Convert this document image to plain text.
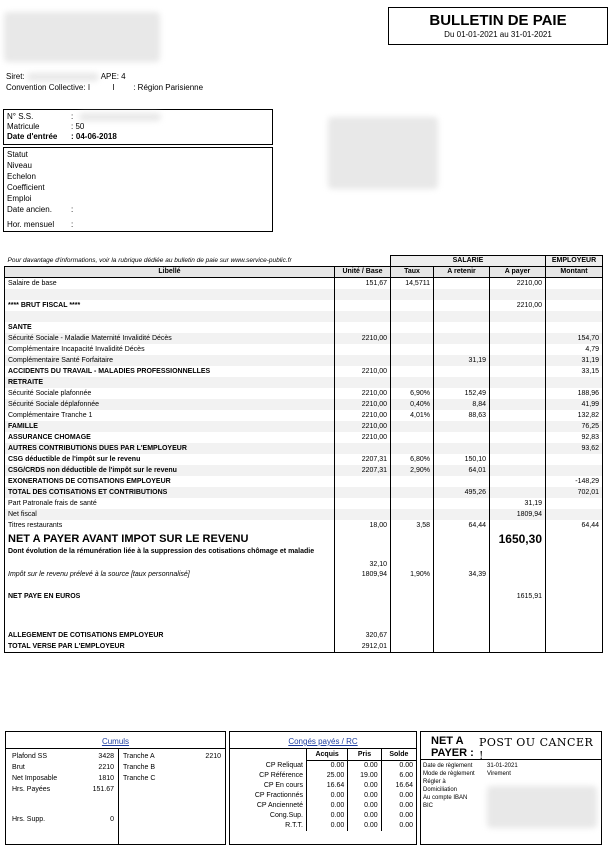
BULLETIN DE PAIE
Du 01-01-2021 au 31-01-2021
Siret:	APE: 4
Convention Collective: I	I : Région Parisienne
N° S.S.	:
Matricule	: 50
Date d'entrée : 04-06-2018
Statut
Niveau
Echelon
Coefficient
Emploi
Date ancien. :
Hor. mensuel :
Pour davantage d'informations, voir la rubrique dédiée au bulletin de paie sur www.service-public.fr		SALARIE			EMPLOYEUR
Libellé	Unité / Base	Taux	A retenir	A payer	Montant
Salaire de base	151,67	14,5711		2210,00	

**** BRUT FISCAL ****				2210,00	

SANTE					
Sécurité Sociale - Maladie Maternité Invalidité Décès	2210,00				154,70
Complémentaire Incapacité Invalidité Décès					4,79
Complémentaire Santé Forfaitaire			31,19		31,19
ACCIDENTS DU TRAVAIL - MALADIES PROFESSIONNELLES	2210,00				33,15
RETRAITE					
Sécurité Sociale plafonnée	2210,00	6,90%	152,49		188,96
Sécurité Sociale déplafonnée	2210,00	0,40%	8,84		41,99
Complémentaire Tranche 1	2210,00	4,01%	88,63		132,82
FAMILLE	2210,00				76,25
ASSURANCE CHOMAGE	2210,00				92,83
AUTRES CONTRIBUTIONS DUES PAR L'EMPLOYEUR					93,62
CSG déductible de l'impôt sur le revenu	2207,31	6,80%	150,10		
CSG/CRDS non déductible de l'impôt sur le revenu	2207,31	2,90%	64,01		
EXONERATIONS DE COTISATIONS EMPLOYEUR					-148,29
TOTAL DES COTISATIONS ET CONTRIBUTIONS			495,26		702,01
Part Patronale frais de santé				31,19	
Net fiscal				1809,94	
Titres restaurants	18,00	3,58	64,44		64,44
NET A PAYER AVANT IMPOT SUR LE REVENU				1650,30	
Dont évolution de la rémunération liée à la suppression des cotisations chômage et maladie	32,10				
Impôt sur le revenu prélevé à la source [taux personnalisé]	1809,94	1,90%	34,39		

NET PAYE EN EUROS				1615,91	

ALLEGEMENT DE COTISATIONS EMPLOYEUR	320,67				
TOTAL VERSE PAR L'EMPLOYEUR	2912,01				
Cumuls
Plafond SS	3428
Brut	2210
Net Imposable	1810
Hrs. Payées	151.67
Hrs. Supp.	0
Tranche A	2210
Tranche B	
Tranche C	
Congés payés / RC
	Acquis	Pris	Solde
CP Reliquat	0.00	0.00	0.00
CP Référence	25.00	19.00	6.00
CP En cours	16.64	0.00	16.64
CP Fractionnés	0.00	0.00	0.00
CP Ancienneté	0.00	0.00	0.00
Cong.Sup.	0.00	0.00	0.00
R.T.T.	0.00	0.00	0.00
NET A PAYER :
POST OU CANCER !
Date de règlement 31-01-2021
Mode de règlement Virement
Régler à
Domiciliation
Au compte IBAN
BIC
